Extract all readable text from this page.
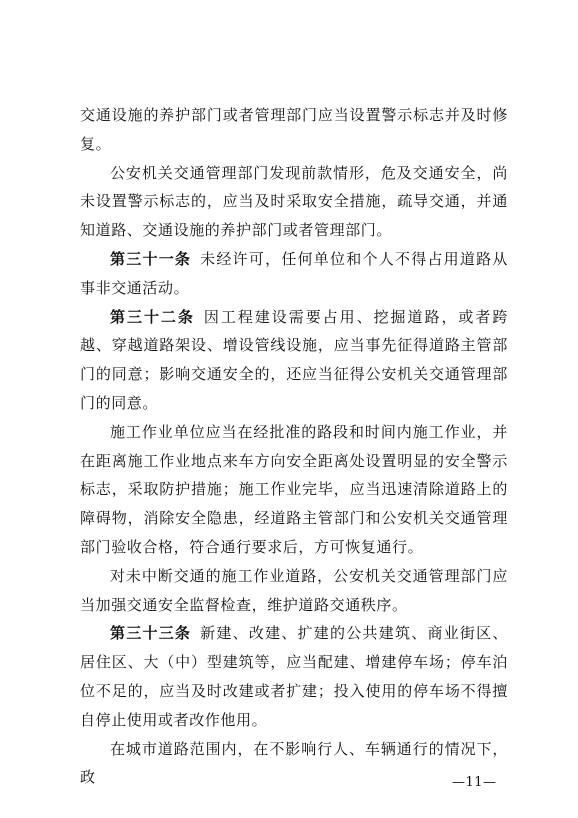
交通设施的养护部门或者管理部门应当设置警示标志并及时修复。

公安机关交通管理部门发现前款情形，危及交通安全，尚未设置警示标志的，应当及时采取安全措施，疏导交通，并通知道路、交通设施的养护部门或者管理部门。

第三十一条 未经许可，任何单位和个人不得占用道路从事非交通活动。

第三十二条 因工程建设需要占用、挖掘道路，或者跨越、穿越道路架设、增设管线设施，应当事先征得道路主管部门的同意；影响交通安全的，还应当征得公安机关交通管理部门的同意。

施工作业单位应当在经批准的路段和时间内施工作业，并在距离施工作业地点来车方向安全距离处设置明显的安全警示标志，采取防护措施；施工作业完毕，应当迅速清除道路上的障碍物，消除安全隐患，经道路主管部门和公安机关交通管理部门验收合格，符合通行要求后，方可恢复通行。

对未中断交通的施工作业道路，公安机关交通管理部门应当加强交通安全监督检查，维护道路交通秩序。

第三十三条 新建、改建、扩建的公共建筑、商业街区、居住区、大（中）型建筑等，应当配建、增建停车场；停车泊位不足的，应当及时改建或者扩建；投入使用的停车场不得擅自停止使用或者改作他用。

在城市道路范围内，在不影响行人、车辆通行的情况下，政	—11—
